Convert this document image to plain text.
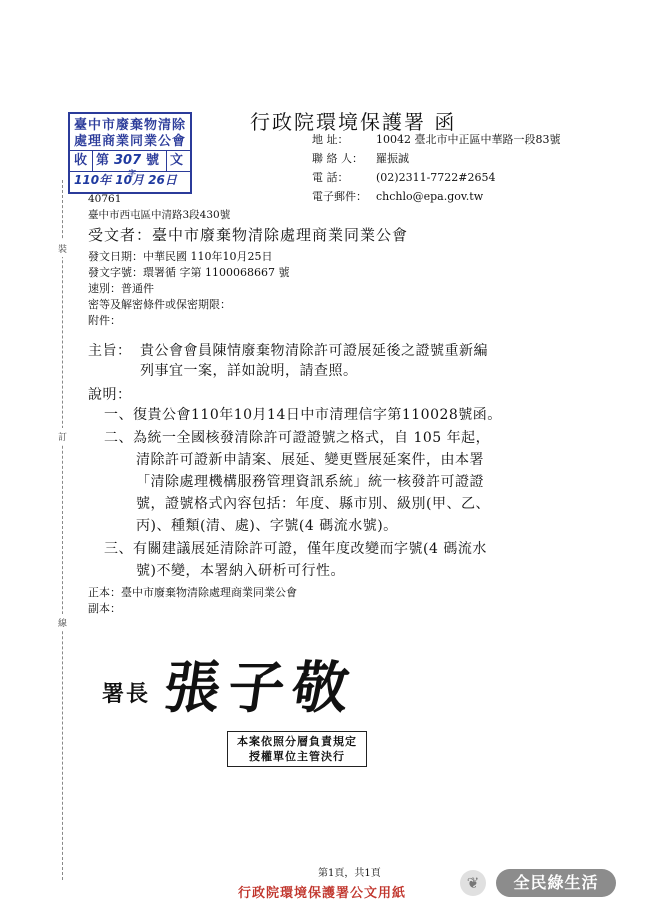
臺中市廢棄物清除
處理商業同業公會
收 第 307 號 文
字
110年 10月 26日
行政院環境保護署 函
地 址：	10042 臺北市中正區中華路一段83號
聯 絡 人：	羅振誠
電 話：	(02)2311-7722#2654
電子郵件： chchlo@epa.gov.tw
40761
臺中市西屯區中清路3段430號
受文者：臺中市廢棄物清除處理商業同業公會
發文日期：中華民國 110年10月25日
發文字號：環署循 字第 1100068667 號
速別：普通件
密等及解密條件或保密期限：
附件：
主旨： 貴公會會員陳情廢棄物清除許可證展延後之證號重新編
列事宜一案，詳如說明，請查照。
說明：
一、復貴公會110年10月14日中市清理信字第110028號函。
二、為統一全國核發清除許可證證號之格式，自 105 年起，
清除許可證新申請案、展延、變更暨展延案件，由本署
「清除處理機構服務管理資訊系統」統一核發許可證證
號，證號格式內容包括：年度、縣市別、級別(甲、乙、
丙)、種類(清、處)、字號(4 碼流水號)。
三、有關建議展延清除許可證，僅年度改變而字號(4 碼流水
號)不變，本署納入研析可行性。
正本：臺中市廢棄物清除處理商業同業公會
副本：
裝
訂
線
署長 張子敬
本案依照分層負責規定
授權單位主管決行
第1頁，共1頁
行政院環境保護署公文用紙
❦	全民綠生活
